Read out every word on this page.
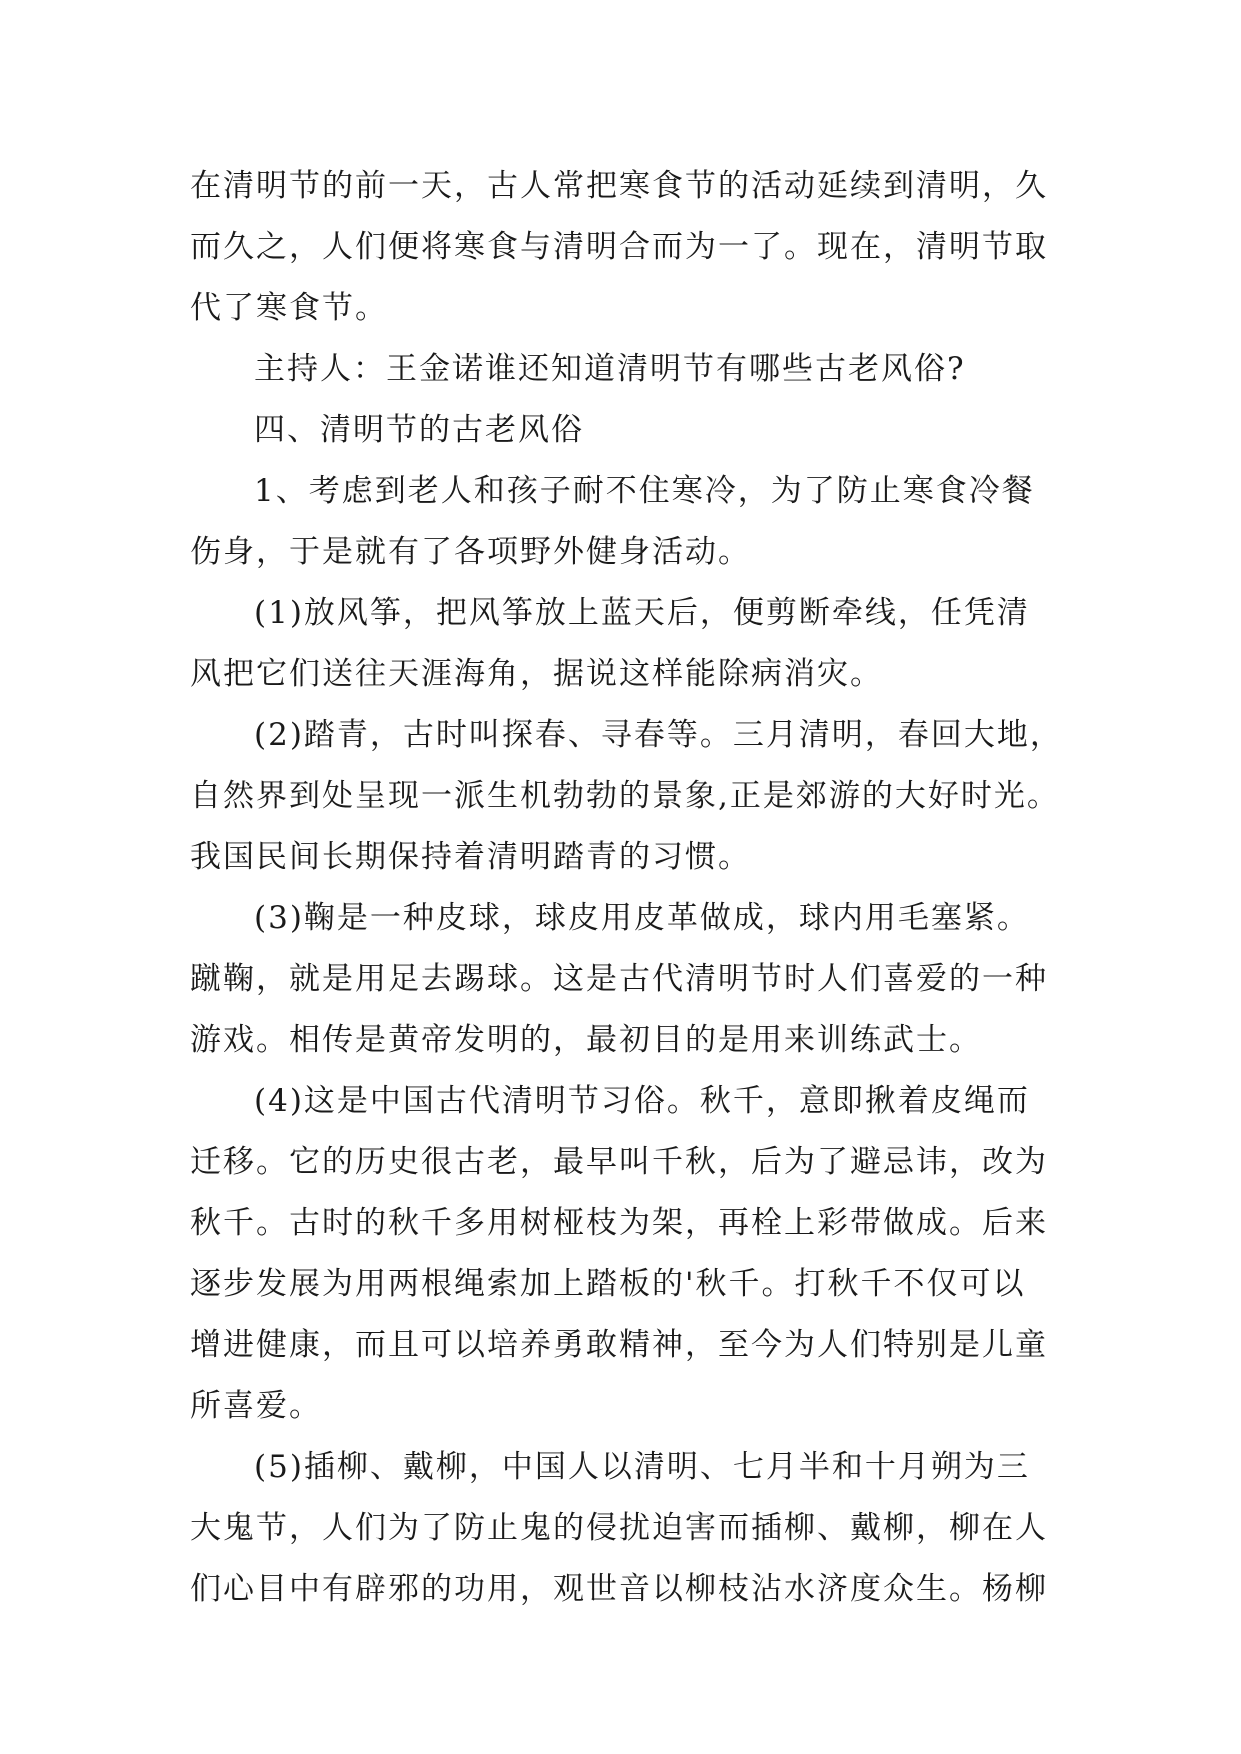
在清明节的前一天，古人常把寒食节的活动延续到清明，久
而久之，人们便将寒食与清明合而为一了。现在，清明节取
代了寒食节。
主持人：王金诺谁还知道清明节有哪些古老风俗?
四、清明节的古老风俗
1、考虑到老人和孩子耐不住寒冷，为了防止寒食冷餐
伤身，于是就有了各项野外健身活动。
(1)放风筝，把风筝放上蓝天后，便剪断牵线，任凭清
风把它们送往天涯海角，据说这样能除病消灾。
(2)踏青，古时叫探春、寻春等。三月清明，春回大地，
自然界到处呈现一派生机勃勃的景象,正是郊游的大好时光。
我国民间长期保持着清明踏青的习惯。
(3)鞠是一种皮球，球皮用皮革做成，球内用毛塞紧。
蹴鞠，就是用足去踢球。这是古代清明节时人们喜爱的一种
游戏。相传是黄帝发明的，最初目的是用来训练武士。
(4)这是中国古代清明节习俗。秋千，意即揪着皮绳而
迁移。它的历史很古老，最早叫千秋，后为了避忌讳，改为
秋千。古时的秋千多用树桠枝为架，再栓上彩带做成。后来
逐步发展为用两根绳索加上踏板的'秋千。打秋千不仅可以
增进健康，而且可以培养勇敢精神，至今为人们特别是儿童
所喜爱。
(5)插柳、戴柳，中国人以清明、七月半和十月朔为三
大鬼节，人们为了防止鬼的侵扰迫害而插柳、戴柳，柳在人
们心目中有辟邪的功用，观世音以柳枝沾水济度众生。杨柳
